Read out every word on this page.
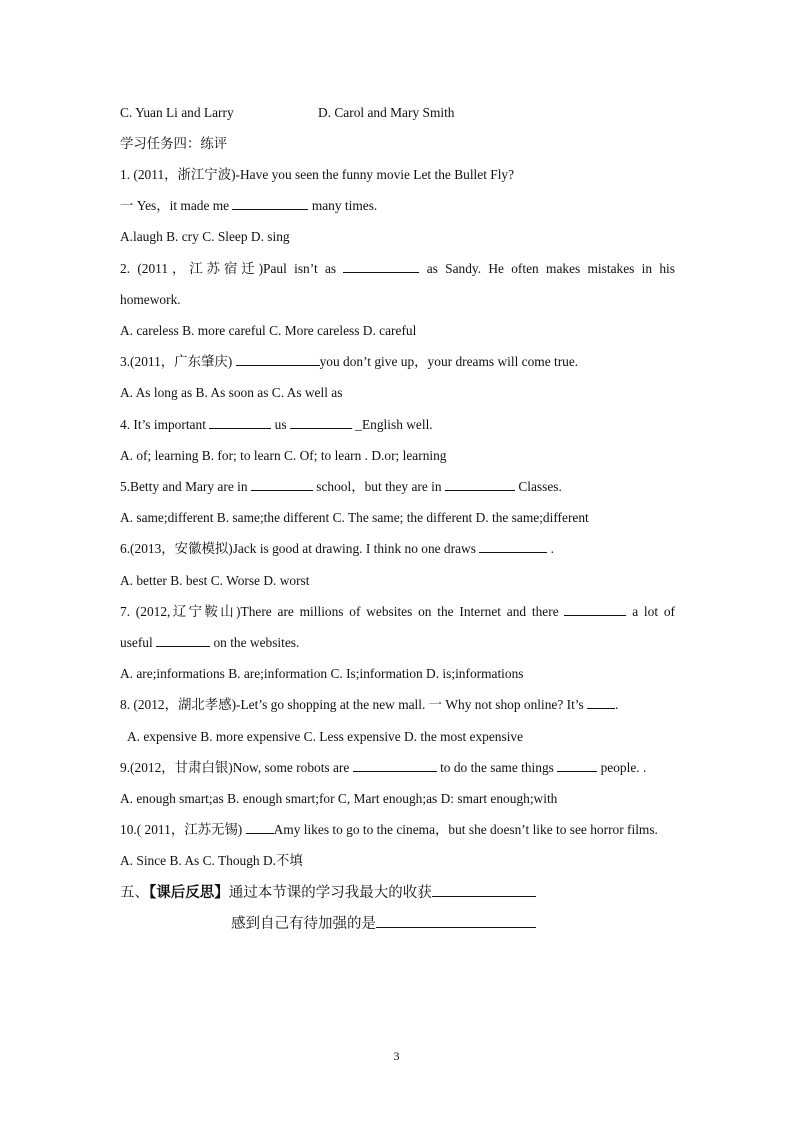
C. Yuan Li and Larry	D. Carol and Mary Smith
学习任务四：练评
1. (2011，浙江宁波)-Have you seen the funny movie Let the Bullet Fly?
一 Yes，it made me	many times.
A.laugh B. cry C. Sleep D. sing
2. (2011，江苏宿迁)Paul isn’t as	as Sandy. He often makes mistakes in his
homework.
A. careless B. more careful C. More careless D. careful
3.(2011，广东肇庆)	you don’t give up，your dreams will come true.
A. As long as B. As soon as C. As well as
4. It’s important	us	_English well.
A. of; learning B. for; to learn C. Of; to learn . D.or; learning
5.Betty and Mary are in	school，but they are in	Classes.
A. same;different B. same;the different C. The same; the different D. the same;different
6.(2013，安徽模拟)Jack is good at drawing. I think no one draws	.
A. better B. best C. Worse D. worst
7. (2012,辽宁鞍山)There are millions of websites on the Internet and there	a lot of
useful	on the websites.
A. are;informations B. are;information C. Is;information D. is;informations
8. (2012，湖北孝感)-Let’s go shopping at the new mall. 一 Why not shop online? It’s .
A. expensive B. more expensive C. Less expensive D. the most expensive
9.(2012，甘肃白银)Now, some robots are	to do the same things	people. .
A. enough smart;as B. enough smart;for C, Mart enough;as D: smart enough;with
10.( 2011，江苏无锡) Amy likes to go to the cinema，but she doesn’t like to see horror films.
A. Since B. As C. Though D.不填
五、【课后反思】通过本节课的学习我最大的收获
感到自己有待加强的是
3
